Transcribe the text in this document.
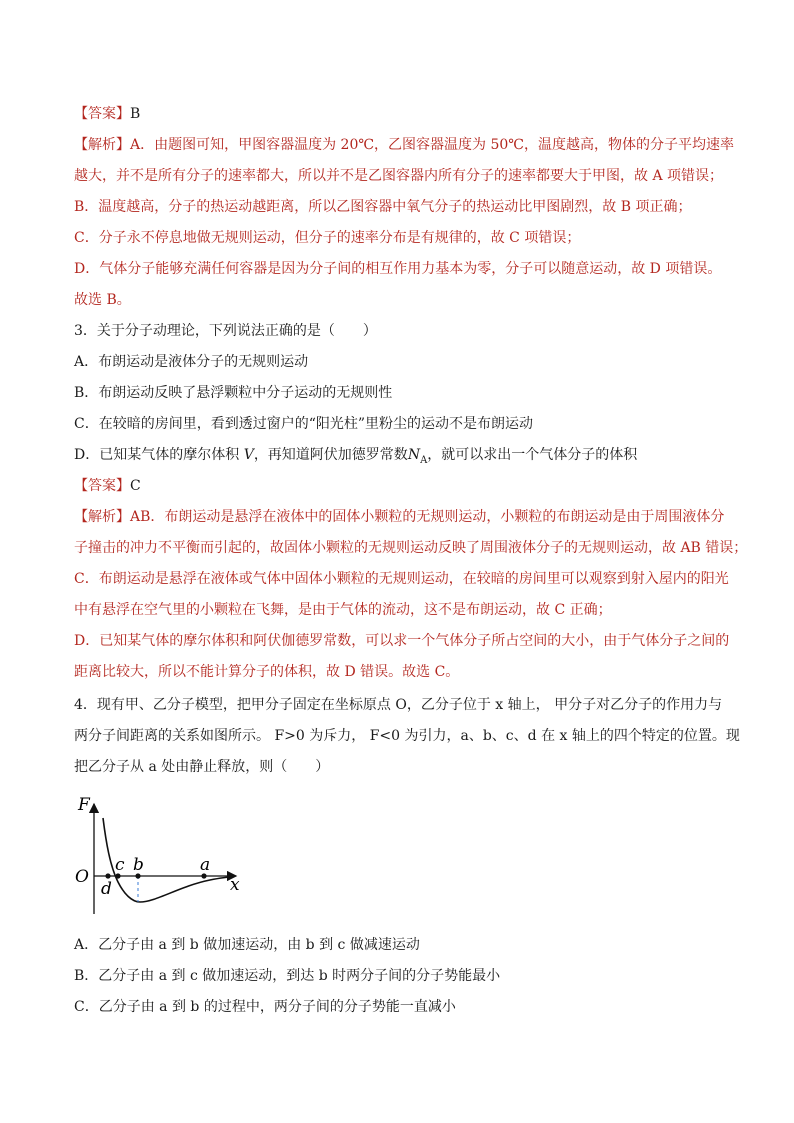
【答案】B
【解析】A．由题图可知，甲图容器温度为 20℃，乙图容器温度为 50℃，温度越高，物体的分子平均速率
越大，并不是所有分子的速率都大，所以并不是乙图容器内所有分子的速率都要大于甲图，故 A 项错误；
B．温度越高，分子的热运动越距离，所以乙图容器中氧气分子的热运动比甲图剧烈，故 B 项正确；
C．分子永不停息地做无规则运动，但分子的速率分布是有规律的，故 C 项错误；
D．气体分子能够充满任何容器是因为分子间的相互作用力基本为零，分子可以随意运动，故 D 项错误。
故选 B。
3．关于分子动理论，下列说法正确的是（　　）
A．布朗运动是液体分子的无规则运动
B．布朗运动反映了悬浮颗粒中分子运动的无规则性
C．在较暗的房间里，看到透过窗户的“阳光柱”里粉尘的运动不是布朗运动
D．已知某气体的摩尔体积 V，再知道阿伏加德罗常数$N_A$，就可以求出一个气体分子的体积
【答案】C
【解析】AB．布朗运动是悬浮在液体中的固体小颗粒的无规则运动，小颗粒的布朗运动是由于周围液体分
子撞击的冲力不平衡而引起的，故固体小颗粒的无规则运动反映了周围液体分子的无规则运动，故 AB 错误；
C．布朗运动是悬浮在液体或气体中固体小颗粒的无规则运动，在较暗的房间里可以观察到射入屋内的阳光
中有悬浮在空气里的小颗粒在飞舞，是由于气体的流动，这不是布朗运动，故 C 正确；
D．已知某气体的摩尔体积和阿伏伽德罗常数，可以求一个气体分子所占空间的大小，由于气体分子之间的
距离比较大，所以不能计算分子的体积，故 D 错误。故选 C。
4．现有甲、乙分子模型，把甲分子固定在坐标原点 O，乙分子位于 x 轴上， 甲分子对乙分子的作用力与
两分子间距离的关系如图所示。 F>0 为斥力， F<0 为引力，a、b、c、d 在 x 轴上的四个特定的位置。现
把乙分子从 a 处由静止释放，则（　　）
F
x
O
a
b
c
d
A．乙分子由 a 到 b 做加速运动，由 b 到 c 做减速运动
B．乙分子由 a 到 c 做加速运动，到达 b 时两分子间的分子势能最小
C．乙分子由 a 到 b 的过程中，两分子间的分子势能一直减小
